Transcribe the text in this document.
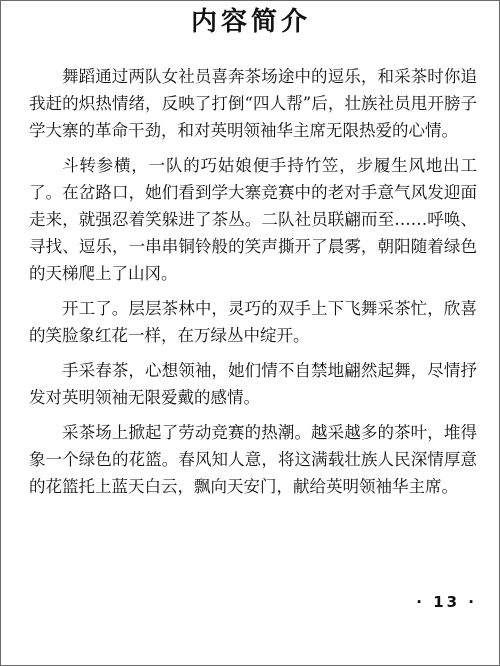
内容简介

舞蹈通过两队女社员喜奔茶场途中的逗乐，和采茶时你追我赶的炽热情绪，反映了打倒“四人帮”后，壮族社员甩开膀子学大寨的革命干劲，和对英明领袖华主席无限热爱的心情。

斗转参横，一队的巧姑娘便手持竹笠，步履生风地出工了。在岔路口，她们看到学大寨竞赛中的老对手意气风发迎面走来，就强忍着笑躲进了茶丛。二队社员联翩而至……呼唤、寻找、逗乐，一串串铜铃般的笑声撕开了晨雾，朝阳随着绿色的天梯爬上了山冈。

开工了。层层茶林中，灵巧的双手上下飞舞采茶忙，欣喜的笑脸象红花一样，在万绿丛中绽开。

手采春茶，心想领袖，她们情不自禁地翩然起舞，尽情抒发对英明领袖无限爱戴的感情。

采茶场上掀起了劳动竞赛的热潮。越采越多的茶叶，堆得象一个绿色的花篮。春风知人意，将这满载壮族人民深情厚意的花篮托上蓝天白云，飘向天安门，献给英明领袖华主席。

· 13 ·
